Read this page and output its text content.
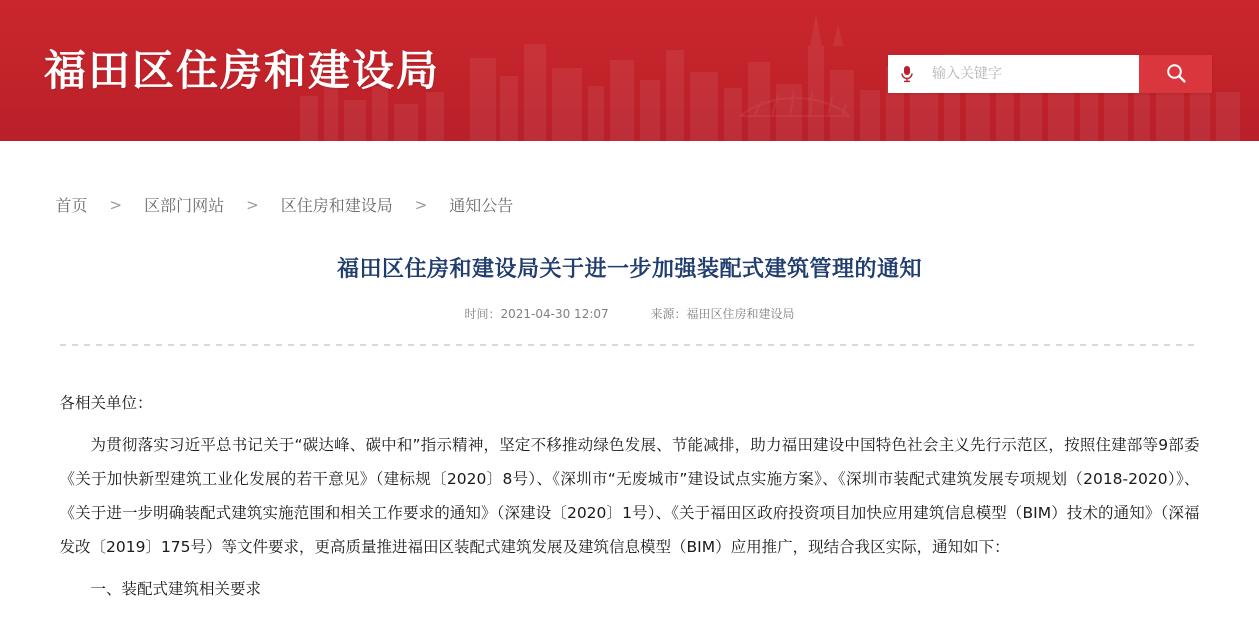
福田区住房和建设局
输入关键字
首页 > 区部门网站 > 区住房和建设局 > 通知公告
福田区住房和建设局关于进一步加强装配式建筑管理的通知
时间：2021-04-30 12:07	来源：福田区住房和建设局

各相关单位：

为贯彻落实习近平总书记关于“碳达峰、碳中和”指示精神，坚定不移推动绿色发展、节能减排，助力福田建设中国特色社会主义先行示范区，按照住建部等9部委《关于加快新型建筑工业化发展的若干意见》（建标规〔2020〕8号）、《深圳市“无废城市”建设试点实施方案》、《深圳市装配式建筑发展专项规划（2018-2020）》、《关于进一步明确装配式建筑实施范围和相关工作要求的通知》（深建设〔2020〕1号）、《关于福田区政府投资项目加快应用建筑信息模型（BIM）技术的通知》（深福发改〔2019〕175号）等文件要求，更高质量推进福田区装配式建筑发展及建筑信息模型（BIM）应用推广，现结合我区实际，通知如下：

一、装配式建筑相关要求
